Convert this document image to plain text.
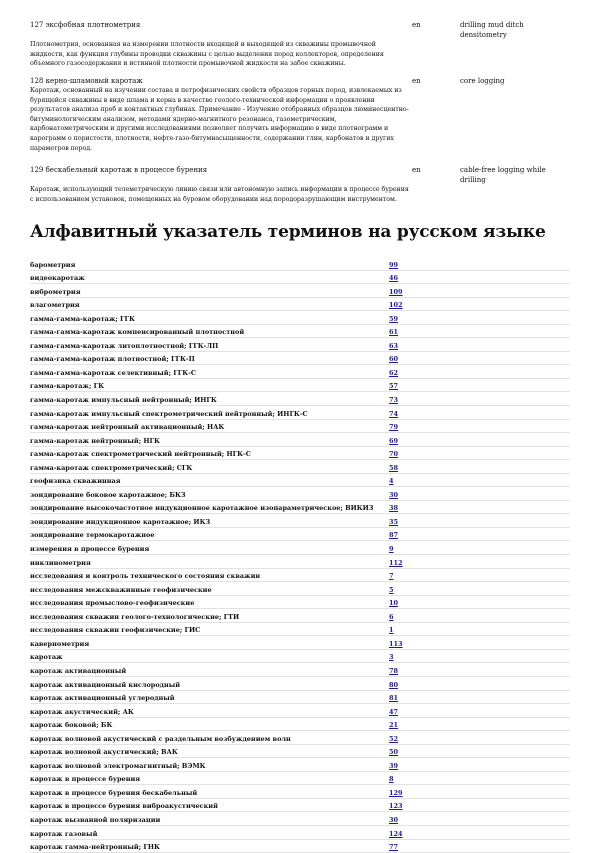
127 эксфобная плотнометрия	en	drilling mud ditch densitometry
Плотнометрия, основанная на измерении плотности входящей и выходящей из скважины промывочной жидкости, как функция глубины проводки скважины с целью выделения пород коллекторов, определения объемного газосодержания и истинной плотности промывочной жидкости на забое скважины.
128 керно-шламовый каротаж	en	core logging
Каротаж, основанный на изучении состава и петрофизических свойств образцов горных пород, извлекаемых из бурящейся скважины в виде шлама и керна в качестве геолого-технической информации о проявлении результатов анализа проб и контактных глубинах. Примечание - Изучение отобранных образцов люминесцентно-битуминологическим анализом, методами ядерно-магнитного резонанса, газометрическим, карбонатометрическим и другими исследованиями позволяет получить информацию в виде плотнограмм и карограмм о пористости, плотности, нефте-газо-битумнасыщенности, содержании глин, карбонатов и других параметров пород.
129 бескабельный каротаж в процессе бурения	en	cable-free logging while drilling
Каротаж, использующий телеметрическую линию связи или автономную запись информации в процессе бурения с использованием установок, помещенных на буровом оборудовании над породоразрушающим инструментом.
Алфавитный указатель терминов на русском языке
барометрия	99
видеокаротаж	46
виброметрия	109
влагометрия	102
гамма-гамма-каротаж; ГГК	59
гамма-гамма-каротаж компенсированный плотностной	61
гамма-гамма-каротаж литоплотностной; ГГК-ЛП	63
гамма-гамма-каротаж плотностной; ГГК-П	60
гамма-гамма-каротаж селективный; ГГК-С	62
гамма-каротаж; ГК	57
гамма-каротаж импульсный нейтронный; ИНГК	73
гамма-каротаж импульсный спектрометрический нейтронный; ИНГК-С	74
гамма-каротаж нейтронный активационный; НАК	79
гамма-каротаж нейтронный; НГК	69
гамма-каротаж спектрометрический нейтронный; НГК-С	70
гамма-каротаж спектрометрический; СГК	58
геофизика скважинная	4
зондирование боковое каротажное; БКЗ	30
зондирование высокочастотное индукционное каротажное изопараметрическое; ВИКИЗ	38
зондирование индукционное каротажное; ИКЗ	35
зондирование термокаротажное	87
измерения в процессе бурения	9
инклинометрия	112
исследования и контроль технического состояния скважин	7
исследования межскважинные геофизические	5
исследования промыслово-геофизические	10
исследования скважин геолого-технологические; ГТИ	6
исследования скважин геофизические; ГИС	1
кавернометрия	113
каротаж	3
каротаж активационный	78
каротаж активационный кислородный	80
каротаж активационный углеродный	81
каротаж акустический; АК	47
каротаж боковой; БК	21
каротаж волновой акустический с раздельным возбуждением волн	52
каротаж волновой акустический; ВАК	50
каротаж волновой электромагнитный; ВЭМК	39
каротаж в процессе бурения	8
каротаж в процессе бурения бескабельный	129
каротаж в процессе бурения виброакустический	123
каротаж вызванной поляризации	30
каротаж газовый	124
каротаж гамма-нейтронный; ГНК	77
